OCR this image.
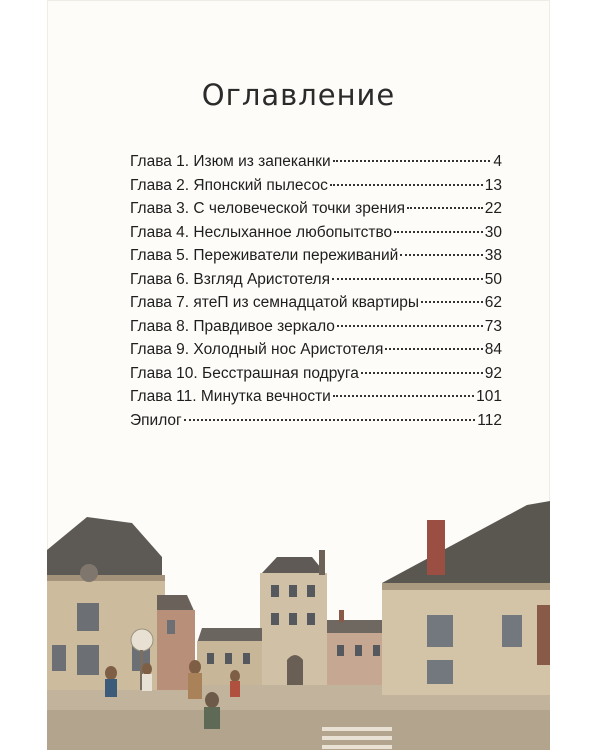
Оглавление
Глава 1. Изюм из запеканки	4
Глава 2. Японский пылесос	13
Глава 3. С человеческой точки зрения	22
Глава 4. Неслыханное любопытство	30
Глава 5. Переживатели переживаний	38
Глава 6. Взгляд Аристотеля	50
Глава 7. ятеП из семнадцатой квартиры	62
Глава 8. Правдивое зеркало	73
Глава 9. Холодный нос Аристотеля	84
Глава 10. Бесстрашная подруга	92
Глава 11. Минутка вечности	101
Эпилог	112
